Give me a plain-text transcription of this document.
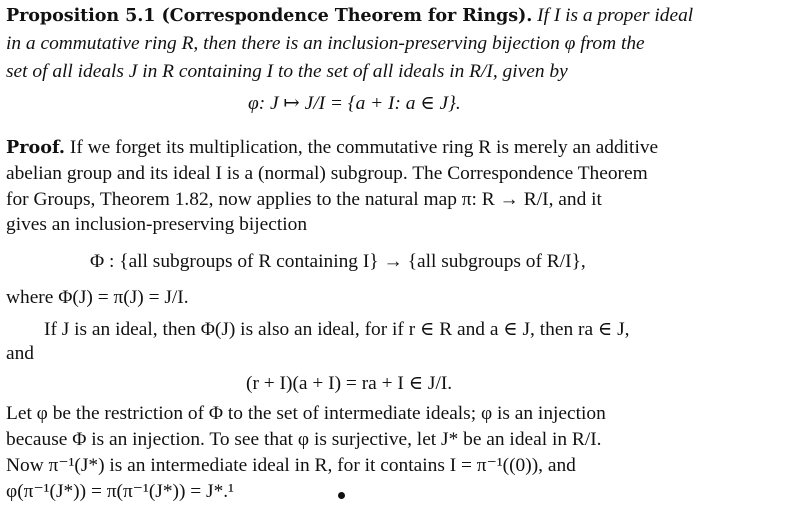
Proposition 5.1 (Correspondence Theorem for Rings). If I is a proper ideal
in a commutative ring R, then there is an inclusion-preserving bijection φ from the
set of all ideals J in R containing I to the set of all ideals in R/I, given by
φ: J ↦ J/I = {a + I: a ∈ J}.
Proof. If we forget its multiplication, the commutative ring R is merely an additive
abelian group and its ideal I is a (normal) subgroup. The Correspondence Theorem
for Groups, Theorem 1.82, now applies to the natural map π: R → R/I, and it
gives an inclusion-preserving bijection
Φ : {all subgroups of R containing I} → {all subgroups of R/I},
where Φ(J) = π(J) = J/I.
If J is an ideal, then Φ(J) is also an ideal, for if r ∈ R and a ∈ J, then ra ∈ J,
and
(r + I)(a + I) = ra + I ∈ J/I.
Let φ be the restriction of Φ to the set of intermediate ideals; φ is an injection
because Φ is an injection. To see that φ is surjective, let J* be an ideal in R/I.
Now π⁻¹(J*) is an intermediate ideal in R, for it contains I = π⁻¹((0)), and
φ(π⁻¹(J*)) = π(π⁻¹(J*)) = J*.¹
